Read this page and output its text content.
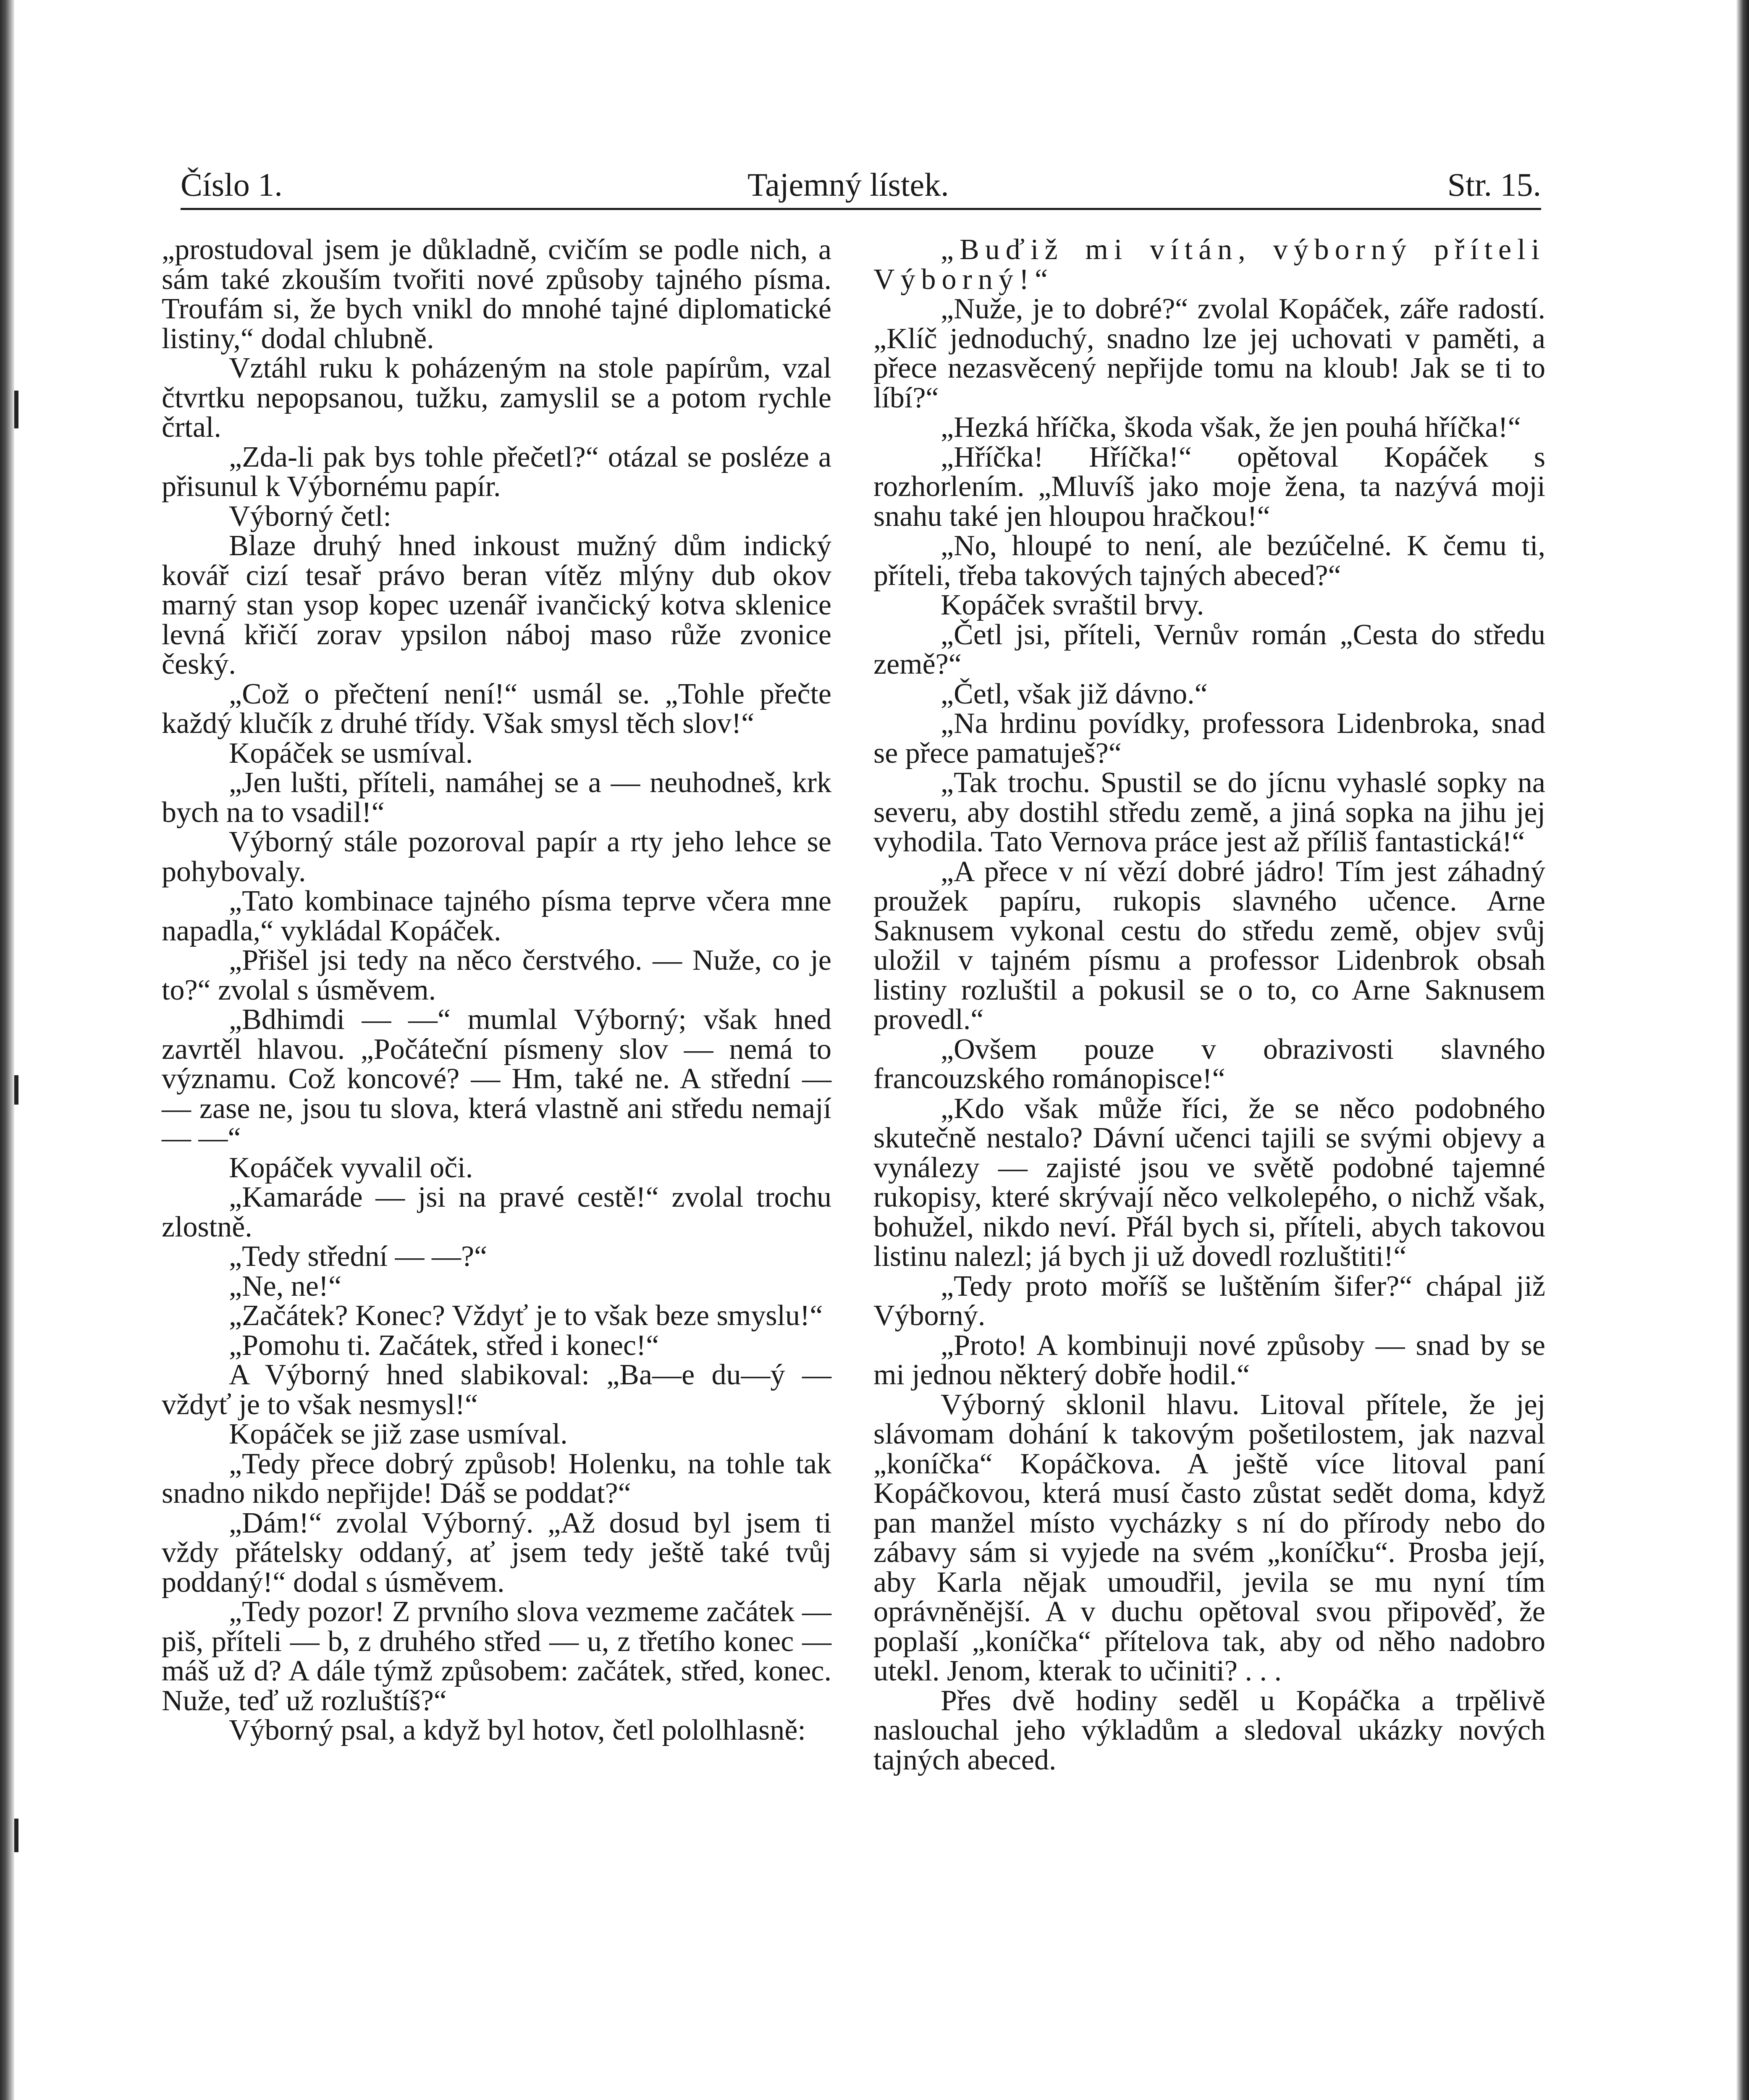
Číslo 1.	Tajemný lístek.	Str. 15.

„prostudoval jsem je důkladně, cvičím se podle nich, a sám také zkouším tvořiti nové způsoby tajného písma. Troufám si, že bych vnikl do mnohé tajné diplomatické listiny,“ dodal chlubně.

Vztáhl ruku k poházeným na stole papírům, vzal čtvrtku nepopsanou, tužku, zamyslil se a potom rychle črtal.

„Zda-li pak bys tohle přečetl?“ otázal se posléze a přisunul k Výbornému papír.

Výborný četl:

Blaze druhý hned inkoust mužný dům indický kovář cizí tesař právo beran vítěz mlýny dub okov marný stan ysop kopec uzenář ivančický kotva sklenice levná křičí zorav ypsilon náboj maso růže zvonice český.

„Což o přečtení není!“ usmál se. „Tohle přečte každý klučík z druhé třídy. Však smysl těch slov!“

Kopáček se usmíval.

„Jen lušti, příteli, namáhej se a — neuhodneš, krk bych na to vsadil!“

Výborný stále pozoroval papír a rty jeho lehce se pohybovaly.

„Tato kombinace tajného písma teprve včera mne napadla,“ vykládal Kopáček.

„Přišel jsi tedy na něco čerstvého. — Nuže, co je to?“ zvolal s úsměvem.

„Bdhimdi — —“ mumlal Výborný; však hned zavrtěl hlavou. „Počáteční písmeny slov — nemá to významu. Což koncové? — Hm, také ne. A střední — — zase ne, jsou tu slova, která vlastně ani středu nemají — —“

Kopáček vyvalil oči.

„Kamaráde — jsi na pravé cestě!“ zvolal trochu zlostně.

„Tedy střední — —?“

„Ne, ne!“

„Začátek? Konec? Vždyť je to však beze smyslu!“

„Pomohu ti. Začátek, střed i konec!“

A Výborný hned slabikoval: „Ba—e du—ý — vždyť je to však nesmysl!“

Kopáček se již zase usmíval.

„Tedy přece dobrý způsob! Holenku, na tohle tak snadno nikdo nepřijde! Dáš se poddat?“

„Dám!“ zvolal Výborný. „Až dosud byl jsem ti vždy přátelsky oddaný, ať jsem tedy ještě také tvůj poddaný!“ dodal s úsměvem.

„Tedy pozor! Z prvního slova vezmeme začátek — piš, příteli — b, z druhého střed — u, z třetího konec — máš už d? A dále týmž způsobem: začátek, střed, konec. Nuže, teď už rozluštíš?“

Výborný psal, a když byl hotov, četl pololhlasně:

„Buďiž mi vítán, výborný příteli Výborný!“

„Nuže, je to dobré?“ zvolal Kopáček, záře radostí. „Klíč jednoduchý, snadno lze jej uchovati v paměti, a přece nezasvěcený nepřijde tomu na kloub! Jak se ti to líbí?“

„Hezká hříčka, škoda však, že jen pouhá hříčka!“

„Hříčka! Hříčka!“ opětoval Kopáček s rozhorlením. „Mluvíš jako moje žena, ta nazývá moji snahu také jen hloupou hračkou!“

„No, hloupé to není, ale bezúčelné. K čemu ti, příteli, třeba takových tajných abeced?“

Kopáček svraštil brvy.

„Četl jsi, příteli, Vernův román „Cesta do středu země?“

„Četl, však již dávno.“

„Na hrdinu povídky, professora Lidenbroka, snad se přece pamatuješ?“

„Tak trochu. Spustil se do jícnu vyhaslé sopky na severu, aby dostihl středu země, a jiná sopka na jihu jej vyhodila. Tato Vernova práce jest až příliš fantastická!“

„A přece v ní vězí dobré jádro! Tím jest záhadný proužek papíru, rukopis slavného učence. Arne Saknusem vykonal cestu do středu země, objev svůj uložil v tajném písmu a professor Lidenbrok obsah listiny rozluštil a pokusil se o to, co Arne Saknusem provedl.“

„Ovšem pouze v obrazivosti slavného francouzského románopisce!“

„Kdo však může říci, že se něco podobného skutečně nestalo? Dávní učenci tajili se svými objevy a vynálezy — zajisté jsou ve světě podobné tajemné rukopisy, které skrývají něco velkolepého, o nichž však, bohužel, nikdo neví. Přál bych si, příteli, abych takovou listinu nalezl; já bych ji už dovedl rozluštiti!“

„Tedy proto moříš se luštěním šifer?“ chápal již Výborný.

„Proto! A kombinuji nové způsoby — snad by se mi jednou některý dobře hodil.“

Výborný sklonil hlavu. Litoval přítele, že jej slávomam dohání k takovým pošetilostem, jak nazval „koníčka“ Kopáčkova. A ještě více litoval paní Kopáčkovou, která musí často zůstat sedět doma, když pan manžel místo vycházky s ní do přírody nebo do zábavy sám si vyjede na svém „koníčku“. Prosba její, aby Karla nějak umoudřil, jevila se mu nyní tím oprávněnější. A v duchu opětoval svou připověď, že poplaší „koníčka“ přítelova tak, aby od něho nadobro utekl. Jenom, kterak to učiniti? . . .

Přes dvě hodiny seděl u Kopáčka a trpělivě naslouchal jeho výkladům a sledoval ukázky nových tajných abeced.
